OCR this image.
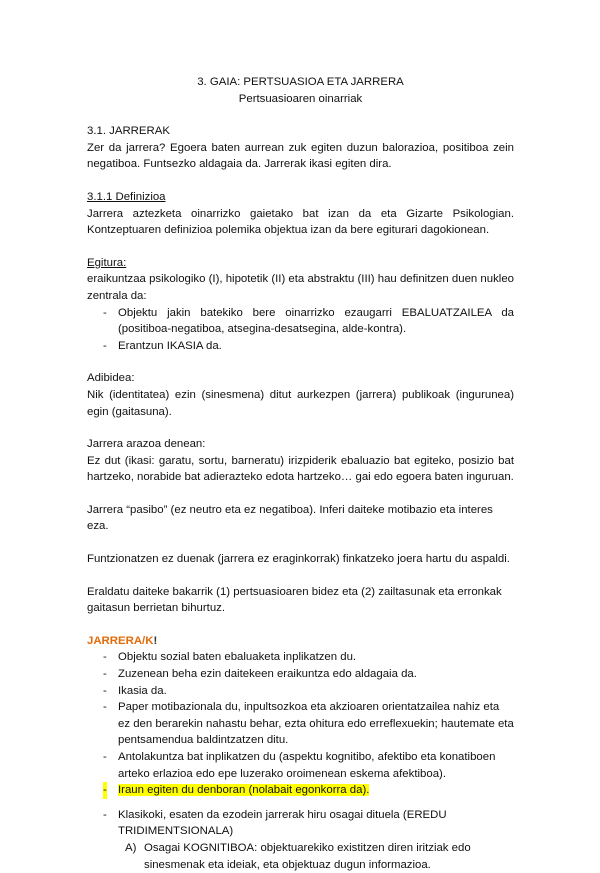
3. GAIA: PERTSUASIOA ETA JARRERA

Pertsuasioaren oinarriak

3.1. JARRERAK

Zer da jarrera? Egoera baten aurrean zuk egiten duzun balorazioa, positiboa zein negatiboa. Funtsezko aldagaia da. Jarrerak ikasi egiten dira.

3.1.1 Definizioa

Jarrera aztezketa oinarrizko gaietako bat izan da eta Gizarte Psikologian. Kontzeptuaren definizioa polemika objektua izan da bere egiturari dagokionean.

Egitura:

eraikuntzaa psikologiko (I), hipotetik (II) eta abstraktu (III) hau definitzen duen nukleo zentrala da:

- Objektu jakin batekiko bere oinarrizko ezaugarri EBALUATZAILEA da (positiboa-negatiboa, atsegina-desatsegina, alde-kontra).
- Erantzun IKASIA da.

Adibidea:

Nik (identitatea) ezin (sinesmena) ditut aurkezpen (jarrera) publikoak (ingurunea) egin (gaitasuna).

Jarrera arazoa denean:

Ez dut (ikasi: garatu, sortu, barneratu) irizpiderik ebaluazio bat egiteko, posizio bat hartzeko, norabide bat adierazteko edota hartzeko… gai edo egoera baten inguruan.

Jarrera “pasibo” (ez neutro eta ez negatiboa). Inferi daiteke motibazio eta interes eza.

Funtzionatzen ez duenak (jarrera ez eraginkorrak) finkatzeko joera hartu du aspaldi.

Eraldatu daiteke bakarrik (1) pertsuasioaren bidez eta (2) zailtasunak eta erronkak gaitasun berrietan bihurtuz.

JARRERA/K!

- Objektu sozial baten ebaluaketa inplikatzen du.
- Zuzenean beha ezin daitekeen eraikuntza edo aldagaia da.
- Ikasia da.
- Paper motibazionala du, inpultsozkoa eta akzioaren orientatzailea nahiz eta ez den berarekin nahastu behar, ezta ohitura edo erreflexuekin; hautemate eta pentsamendua baldintzatzen ditu.
- Antolakuntza bat inplikatzen du (aspektu kognitibo, afektibo eta konatiboen arteko erlazioa edo epe luzerako oroimenean eskema afektiboa).
- Iraun egiten du denboran (nolabait egonkorra da).
- Klasikoki, esaten da ezodein jarrerak hiru osagai dituela (EREDU TRIDIMENTSIONALA)

A) Osagai KOGNITIBOA: objektuarekiko existitzen diren iritziak edo sinesmenak eta ideiak, eta objektuaz dugun informazioa.
